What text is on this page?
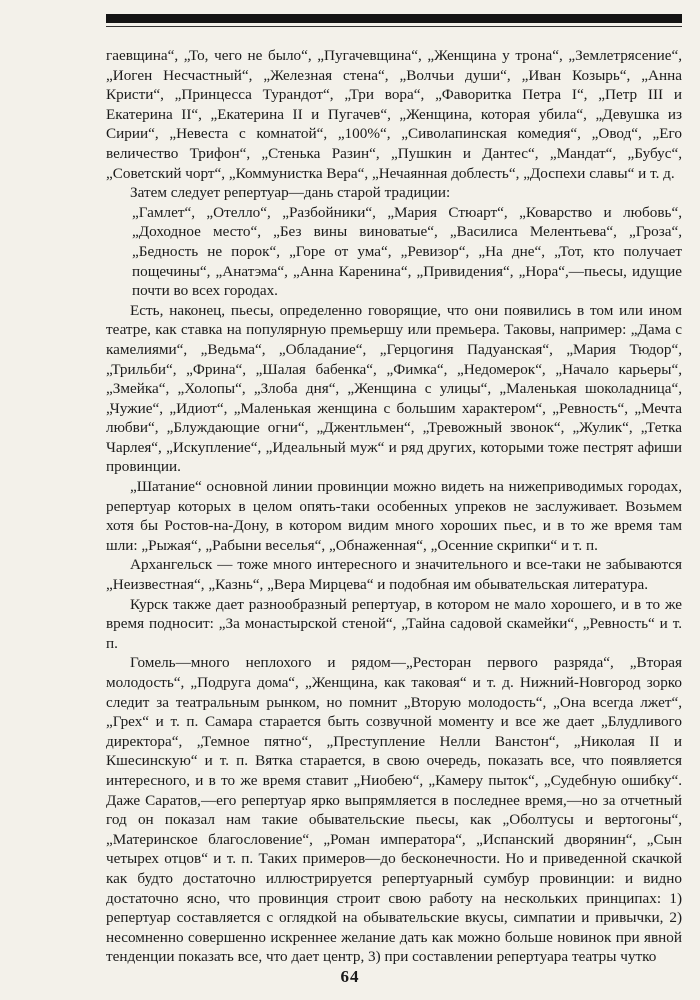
гаевщина“, „То, чего не было“, „Пугачевщина“, „Женщина у трона“, „Землетрясение“, „Иоген Несчастный“, „Железная стена“, „Волчьи души“, „Иван Козырь“, „Анна Кристи“, „Принцесса Турандот“, „Три вора“, „Фаворитка Петра I“, „Петр III и Екатерина II“, „Екатерина II и Пугачев“, „Женщина, которая убила“, „Девушка из Сирии“, „Невеста с комнатой“, „100%“, „Сиволапинская комедия“, „Овод“, „Его величество Трифон“, „Стенька Разин“, „Пушкин и Дантес“, „Мандат“, „Бубус“, „Советский чорт“, „Коммунистка Вера“, „Нечаянная доблесть“, „Доспехи славы“ и т. д.

Затем следует репертуар—дань старой традиции:

„Гамлет“, „Отелло“, „Разбойники“, „Мария Стюарт“, „Коварство и любовь“, „Доходное место“, „Без вины виноватые“, „Василиса Мелентьева“, „Гроза“, „Бедность не порок“, „Горе от ума“, „Ревизор“, „На дне“, „Тот, кто получает пощечины“, „Анатэма“, „Анна Каренина“, „Привидения“, „Нора“,—пьесы, идущие почти во всех городах.

Есть, наконец, пьесы, определенно говорящие, что они появились в том или ином театре, как ставка на популярную премьершу или премьера. Таковы, например: „Дама с камелиями“, „Ведьма“, „Обладание“, „Герцогиня Падуанская“, „Мария Тюдор“, „Трильби“, „Фрина“, „Шалая бабенка“, „Фимка“, „Недомерок“, „Начало карьеры“, „Змейка“, „Холопы“, „Злоба дня“, „Женщина с улицы“, „Маленькая шоколадница“, „Чужие“, „Идиот“, „Маленькая женщина с большим характером“, „Ревность“, „Мечта любви“, „Блуждающие огни“, „Джентльмен“, „Тревожный звонок“, „Жулик“, „Тетка Чарлея“, „Искупление“, „Идеальный муж“ и ряд других, которыми тоже пестрят афиши провинции.

„Шатание“ основной линии провинции можно видеть на нижеприводимых городах, репертуар которых в целом опять-таки особенных упреков не заслуживает. Возьмем хотя бы Ростов-на-Дону, в котором видим много хороших пьес, и в то же время там шли: „Рыжая“, „Рабыни веселья“, „Обнаженная“, „Осенние скрипки“ и т. п.

Архангельск — тоже много интересного и значительного и все-таки не забываются „Неизвестная“, „Казнь“, „Вера Мирцева“ и подобная им обывательская литература.

Курск также дает разнообразный репертуар, в котором не мало хорошего, и в то же время подносит: „За монастырской стеной“, „Тайна садовой скамейки“, „Ревность“ и т. п.

Гомель—много неплохого и рядом—„Ресторан первого разряда“, „Вторая молодость“, „Подруга дома“, „Женщина, как таковая“ и т. д. Нижний-Новгород зорко следит за театральным рынком, но помнит „Вторую молодость“, „Она всегда лжет“, „Грех“ и т. п. Самара старается быть созвучной моменту и все же дает „Блудливого директора“, „Темное пятно“, „Преступление Нелли Ванстон“, „Николая II и Кшесинскую“ и т. п. Вятка старается, в свою очередь, показать все, что появляется интересного, и в то же время ставит „Ниобею“, „Камеру пыток“, „Судебную ошибку“. Даже Саратов,—его репертуар ярко выпрямляется в последнее время,—но за отчетный год он показал нам такие обывательские пьесы, как „Оболтусы и вертогоны“, „Материнское благословение“, „Роман императора“, „Испанский дворянин“, „Сын четырех отцов“ и т. п. Таких примеров—до бесконечности. Но и приведенной скачкой как будто достаточно иллюстрируется репертуарный сумбур провинции: и видно достаточно ясно, что провинция строит свою работу на нескольких принципах: 1) репертуар составляется с оглядкой на обывательские вкусы, симпатии и привычки, 2) несомненно совершенно искреннее желание дать как можно больше новинок при явной тенденции показать все, что дает центр, 3) при составлении репертуара театры чутко

64
